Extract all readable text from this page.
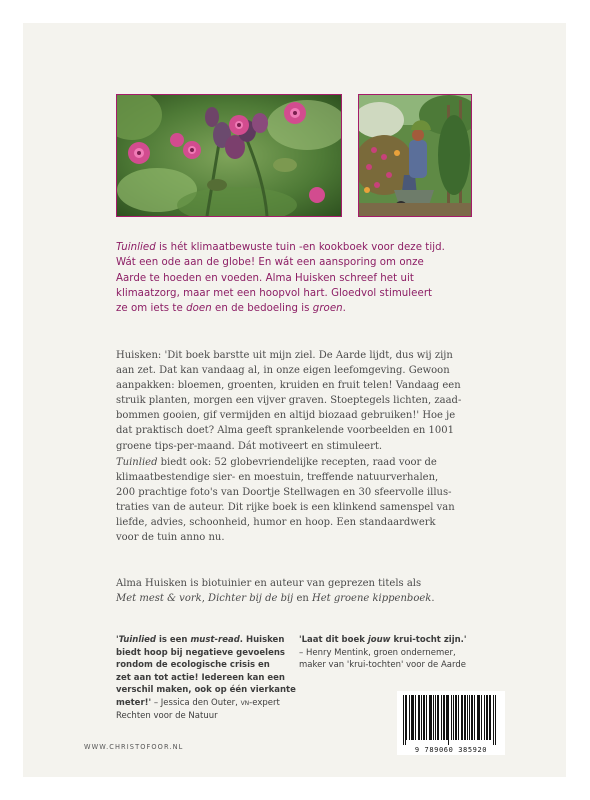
Tuinlied is hét klimaatbewuste tuin -en kookboek voor deze tijd.
Wát een ode aan de globe! En wát een aansporing om onze
Aarde te hoeden en voeden. Alma Huisken schreef het uit
klimaatzorg, maar met een hoopvol hart. Gloedvol stimuleert
ze om iets te doen en de bedoeling is groen.
Huisken: 'Dit boek barstte uit mijn ziel. De Aarde lijdt, dus wij zijn
aan zet. Dat kan vandaag al, in onze eigen leefomgeving. Gewoon
aanpakken: bloemen, groenten, kruiden en fruit telen! Vandaag een
struik planten, morgen een vijver graven. Stoeptegels lichten, zaad-
bommen gooien, gif vermijden en altijd biozaad gebruiken!' Hoe je
dat praktisch doet? Alma geeft sprankelende voorbeelden en 1001
groene tips-per-maand. Dát motiveert en stimuleert.
Tuinlied biedt ook: 52 globevriendelijke recepten, raad voor de
klimaatbestendige sier- en moestuin, treffende natuurverhalen,
200 prachtige foto's van Doortje Stellwagen en 30 sfeervolle illus-
traties van de auteur. Dit rijke boek is een klinkend samenspel van
liefde, advies, schoonheid, humor en hoop. Een standaardwerk
voor de tuin anno nu.
Alma Huisken is biotuinier en auteur van geprezen titels als
Met mest & vork, Dichter bij de bij en Het groene kippenboek.
'Tuinlied is een must-read. Huisken
biedt hoop bij negatieve gevoelens
rondom de ecologische crisis en
zet aan tot actie! Iedereen kan een
verschil maken, ook op één vierkante
meter!' – Jessica den Outer, vn-expert
Rechten voor de Natuur
'Laat dit boek jouw krui-tocht zijn.'
– Henry Mentink, groen ondernemer,
maker van 'krui-tochten' voor de Aarde
WWW.CHRISTOFOOR.NL	9 789060 385920
